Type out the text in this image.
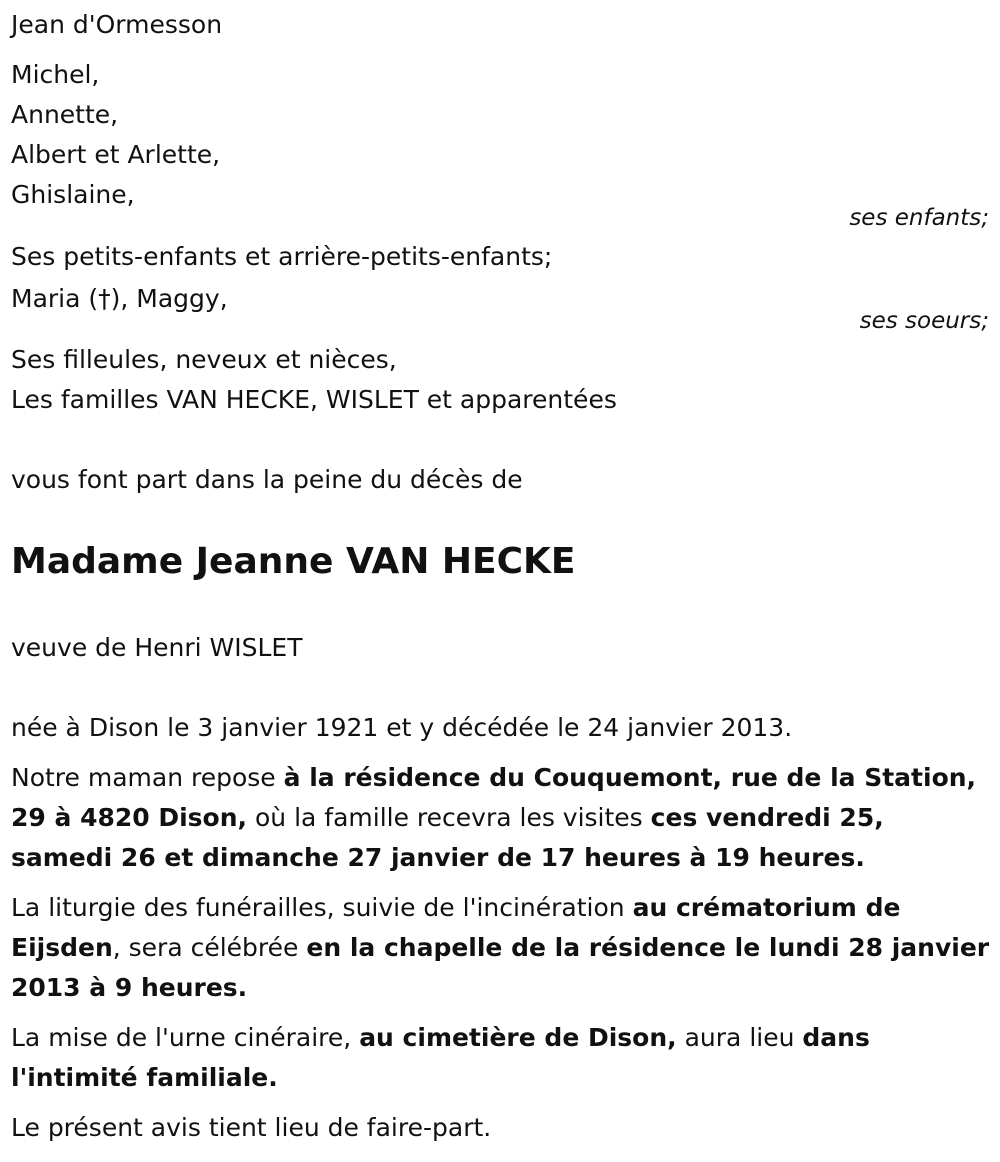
Jean d'Ormesson
Michel,
Annette,
Albert et Arlette,
Ghislaine,
ses enfants;
Ses petits-enfants et arrière-petits-enfants;
Maria (†), Maggy,
ses soeurs;
Ses filleules, neveux et nièces,
Les familles VAN HECKE, WISLET et apparentées
vous font part dans la peine du décès de
Madame Jeanne VAN HECKE
veuve de Henri WISLET
née à Dison le 3 janvier 1921 et y décédée le 24 janvier 2013.
Notre maman repose à la résidence du Couquemont, rue de la Station, 29 à 4820 Dison, où la famille recevra les visites ces vendredi 25, samedi 26 et dimanche 27 janvier de 17 heures à 19 heures.
La liturgie des funérailles, suivie de l'incinération au crématorium de Eijsden, sera célébrée en la chapelle de la résidence le lundi 28 janvier 2013 à 9 heures.
La mise de l'urne cinéraire, au cimetière de Dison, aura lieu dans l'intimité familiale.
Le présent avis tient lieu de faire-part.
